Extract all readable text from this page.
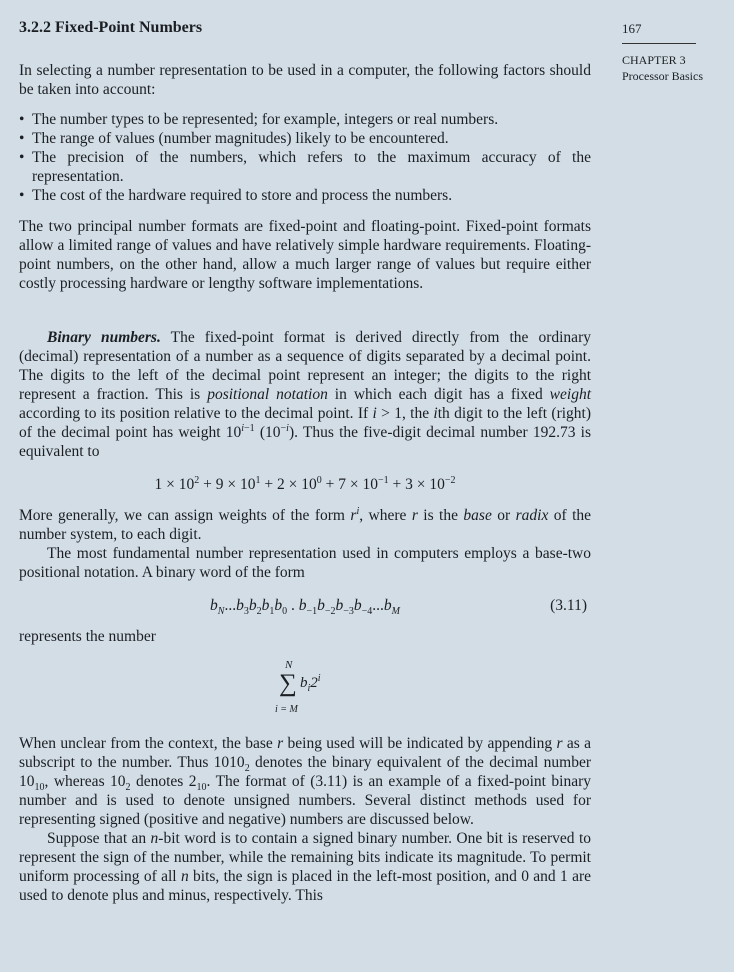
3.2.2 Fixed-Point Numbers	167
CHAPTER 3
Processor Basics

In selecting a number representation to be used in a computer, the following factors should be taken into account:

• The number types to be represented; for example, integers or real numbers.
• The range of values (number magnitudes) likely to be encountered.
• The precision of the numbers, which refers to the maximum accuracy of the representation.
• The cost of the hardware required to store and process the numbers.

The two principal number formats are fixed-point and floating-point. Fixed-point formats allow a limited range of values and have relatively simple hardware requirements. Floating-point numbers, on the other hand, allow a much larger range of values but require either costly processing hardware or lengthy software implementations.

Binary numbers. The fixed-point format is derived directly from the ordinary (decimal) representation of a number as a sequence of digits separated by a decimal point. The digits to the left of the decimal point represent an integer; the digits to the right represent a fraction. This is positional notation in which each digit has a fixed weight according to its position relative to the decimal point. If i > 1, the ith digit to the left (right) of the decimal point has weight $10^{i-1}$ $(10^{-i})$. Thus the five-digit decimal number 192.73 is equivalent to

$1 \times 10^2 + 9 \times 10^1 + 2 \times 10^0 + 7 \times 10^{-1} + 3 \times 10^{-2}$

More generally, we can assign weights of the form $r^i$, where r is the base or radix of the number system, to each digit.

The most fundamental number representation used in computers employs a base-two positional notation. A binary word of the form

$b_N...b_3b_2b_1b_0$ . $b_{-1}b_{-2}b_{-3}b_{-4}...b_M$	(3.11)

represents the number

N
∑ $b_i2^i$
i = M

When unclear from the context, the base r being used will be indicated by appending r as a subscript to the number. Thus $1010_2$ denotes the binary equivalent of the decimal number $10_{10}$, whereas $10_2$ denotes $2_{10}$. The format of (3.11) is an example of a fixed-point binary number and is used to denote unsigned numbers. Several distinct methods used for representing signed (positive and negative) numbers are discussed below.

Suppose that an n-bit word is to contain a signed binary number. One bit is reserved to represent the sign of the number, while the remaining bits indicate its magnitude. To permit uniform processing of all n bits, the sign is placed in the left-most position, and 0 and 1 are used to denote plus and minus, respectively. This
